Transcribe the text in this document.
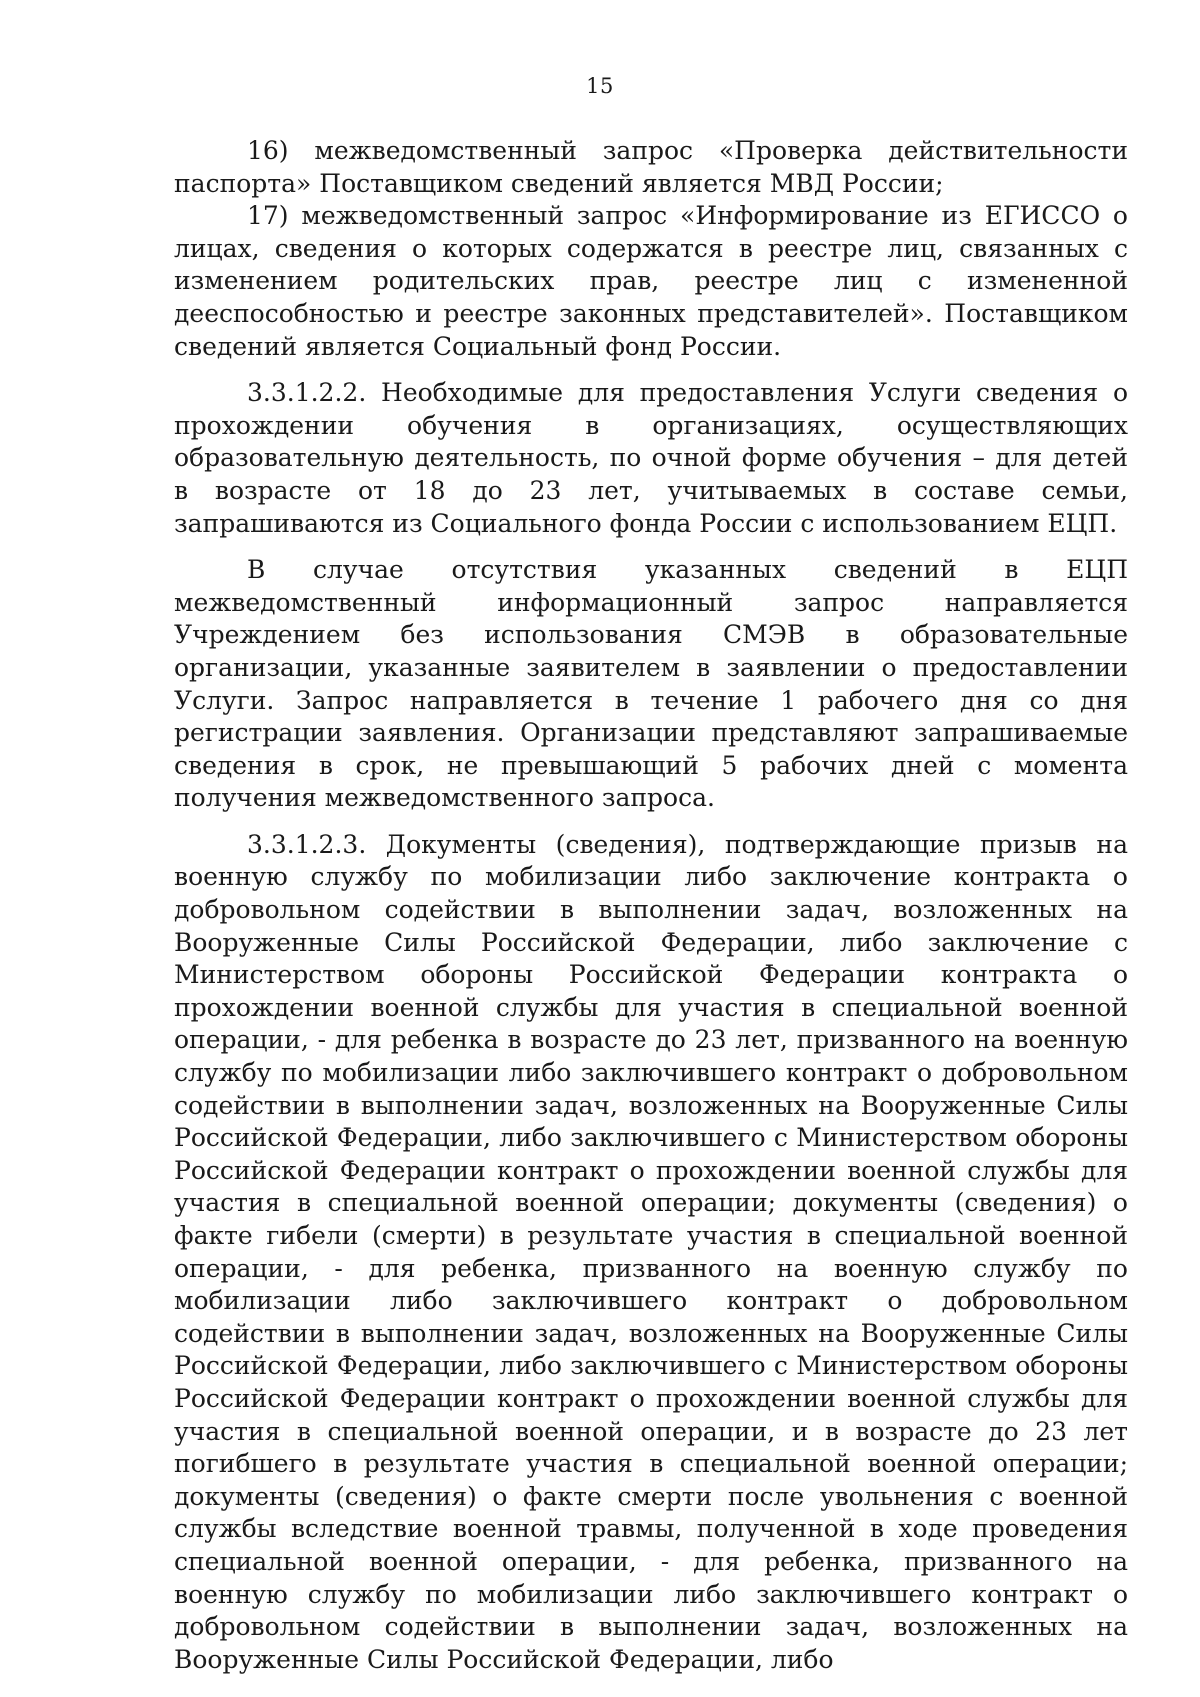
15

16) межведомственный запрос «Проверка действительности паспорта» Поставщиком сведений является МВД России;

17) межведомственный запрос «Информирование из ЕГИССО о лицах, сведения о которых содержатся в реестре лиц, связанных с изменением родительских прав, реестре лиц с измененной дееспособностью и реестре законных представителей». Поставщиком сведений является Социальный фонд России.

3.3.1.2.2. Необходимые для предоставления Услуги сведения о прохождении обучения в организациях, осуществляющих образовательную деятельность, по очной форме обучения – для детей в возрасте от 18 до 23 лет, учитываемых в составе семьи, запрашиваются из Социального фонда России с использованием ЕЦП.

В случае отсутствия указанных сведений в ЕЦП межведомственный информационный запрос направляется Учреждением без использования СМЭВ в образовательные организации, указанные заявителем в заявлении о предоставлении Услуги. Запрос направляется в течение 1 рабочего дня со дня регистрации заявления. Организации представляют запрашиваемые сведения в срок, не превышающий 5 рабочих дней с момента получения межведомственного запроса.

3.3.1.2.3. Документы (сведения), подтверждающие призыв на военную службу по мобилизации либо заключение контракта о добровольном содействии в выполнении задач, возложенных на Вооруженные Силы Российской Федерации, либо заключение с Министерством обороны Российской Федерации контракта о прохождении военной службы для участия в специальной военной операции, - для ребенка в возрасте до 23 лет, призванного на военную службу по мобилизации либо заключившего контракт о добровольном содействии в выполнении задач, возложенных на Вооруженные Силы Российской Федерации, либо заключившего с Министерством обороны Российской Федерации контракт о прохождении военной службы для участия в специальной военной операции; документы (сведения) о факте гибели (смерти) в результате участия в специальной военной операции, - для ребенка, призванного на военную службу по мобилизации либо заключившего контракт о добровольном содействии в выполнении задач, возложенных на Вооруженные Силы Российской Федерации, либо заключившего с Министерством обороны Российской Федерации контракт о прохождении военной службы для участия в специальной военной операции, и в возрасте до 23 лет погибшего в результате участия в специальной военной операции; документы (сведения) о факте смерти после увольнения с военной службы вследствие военной травмы, полученной в ходе проведения специальной военной операции, - для ребенка, призванного на военную службу по мобилизации либо заключившего контракт о добровольном содействии в выполнении задач, возложенных на Вооруженные Силы Российской Федерации, либо
